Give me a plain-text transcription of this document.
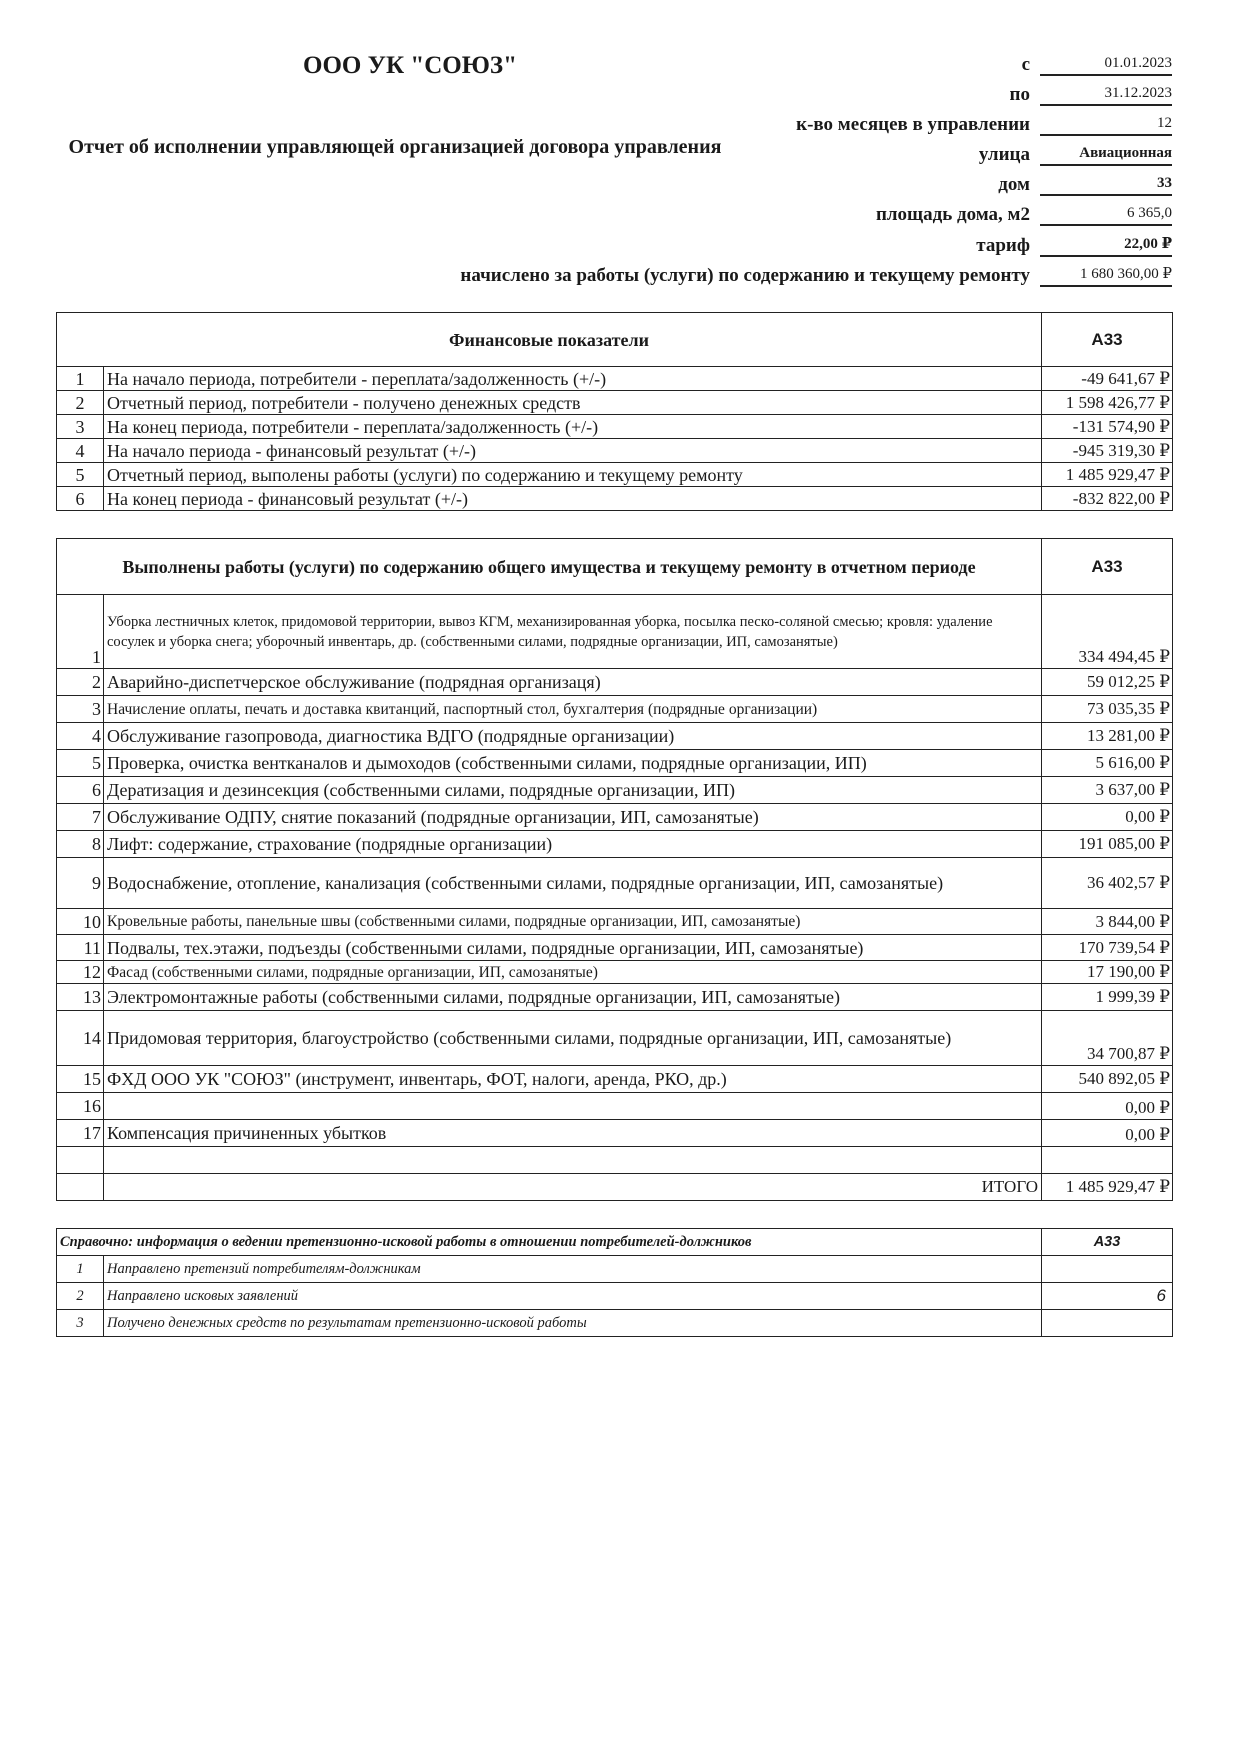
ООО УК "СОЮЗ"
Отчет об исполнении управляющей организацией договора управления
с	01.01.2023
по	31.12.2023
к-во месяцев в управлении	12
улица	Авиационная
дом	33
площадь дома, м2	6 365,0
тариф	22,00 ₽
начислено за работы (услуги) по содержанию и текущему ремонту	1 680 360,00 ₽
Финансовые показатели		А33
1	На начало периода, потребители - переплата/задолженность (+/-)	-49 641,67 ₽
2	Отчетный период, потребители - получено денежных средств	1 598 426,77 ₽
3	На конец периода, потребители - переплата/задолженность (+/-)	-131 574,90 ₽
4	На начало периода - финансовый результат (+/-)	-945 319,30 ₽
5	Отчетный период, выполены работы (услуги) по содержанию и текущему ремонту	1 485 929,47 ₽
6	На конец периода - финансовый результат (+/-)	-832 822,00 ₽
Выполнены работы (услуги) по содержанию общего имущества и текущему ремонту в отчетном периоде		А33
1	Уборка лестничных клеток, придомовой территории, вывоз КГМ, механизированная уборка, посылка песко-соляной смесью; кровля: удаление сосулек и уборка снега; уборочный инвентарь, др. (собственными силами, подрядные организации, ИП, самозанятые)	334 494,45 ₽
2	Аварийно-диспетчерское обслуживание (подрядная организаця)	59 012,25 ₽
3	Начисление оплаты, печать и доставка квитанций, паспортный стол, бухгалтерия (подрядные организации)	73 035,35 ₽
4	Обслуживание газопровода, диагностика ВДГО (подрядные организации)	13 281,00 ₽
5	Проверка, очистка вентканалов и дымоходов (собственными силами, подрядные организации, ИП)	5 616,00 ₽
6	Дератизация и дезинсекция (собственными силами, подрядные организации, ИП)	3 637,00 ₽
7	Обслуживание ОДПУ, снятие показаний (подрядные организации, ИП, самозанятые)	0,00 ₽
8	Лифт: содержание, страхование (подрядные организации)	191 085,00 ₽
9	Водоснабжение, отопление, канализация (собственными силами, подрядные организации, ИП, самозанятые)	36 402,57 ₽
10	Кровельные работы, панельные швы (собственными силами, подрядные организации, ИП, самозанятые)	3 844,00 ₽
11	Подвалы, тех.этажи, подъезды (собственными силами, подрядные организации, ИП, самозанятые)	170 739,54 ₽
12	Фасад (собственными силами, подрядные организации, ИП, самозанятые)	17 190,00 ₽
13	Электромонтажные работы (собственными силами, подрядные организации, ИП, самозанятые)	1 999,39 ₽
14	Придомовая территория, благоустройство (собственными силами, подрядные организации, ИП, самозанятые)	34 700,87 ₽
15	ФХД ООО УК "СОЮЗ" (инструмент, инвентарь, ФОТ, налоги, аренда, РКО, др.)	540 892,05 ₽
16		0,00 ₽
17	Компенсация причиненных убытков	0,00 ₽

	ИТОГО	1 485 929,47 ₽
Справочно: информация о ведении претензионно-исковой работы в отношении потребителей-должников		А33
1	Направлено претензий потребителям-должникам	
2	Направлено исковых заявлений	6
3	Получено денежных средств по результатам претензионно-исковой работы	
